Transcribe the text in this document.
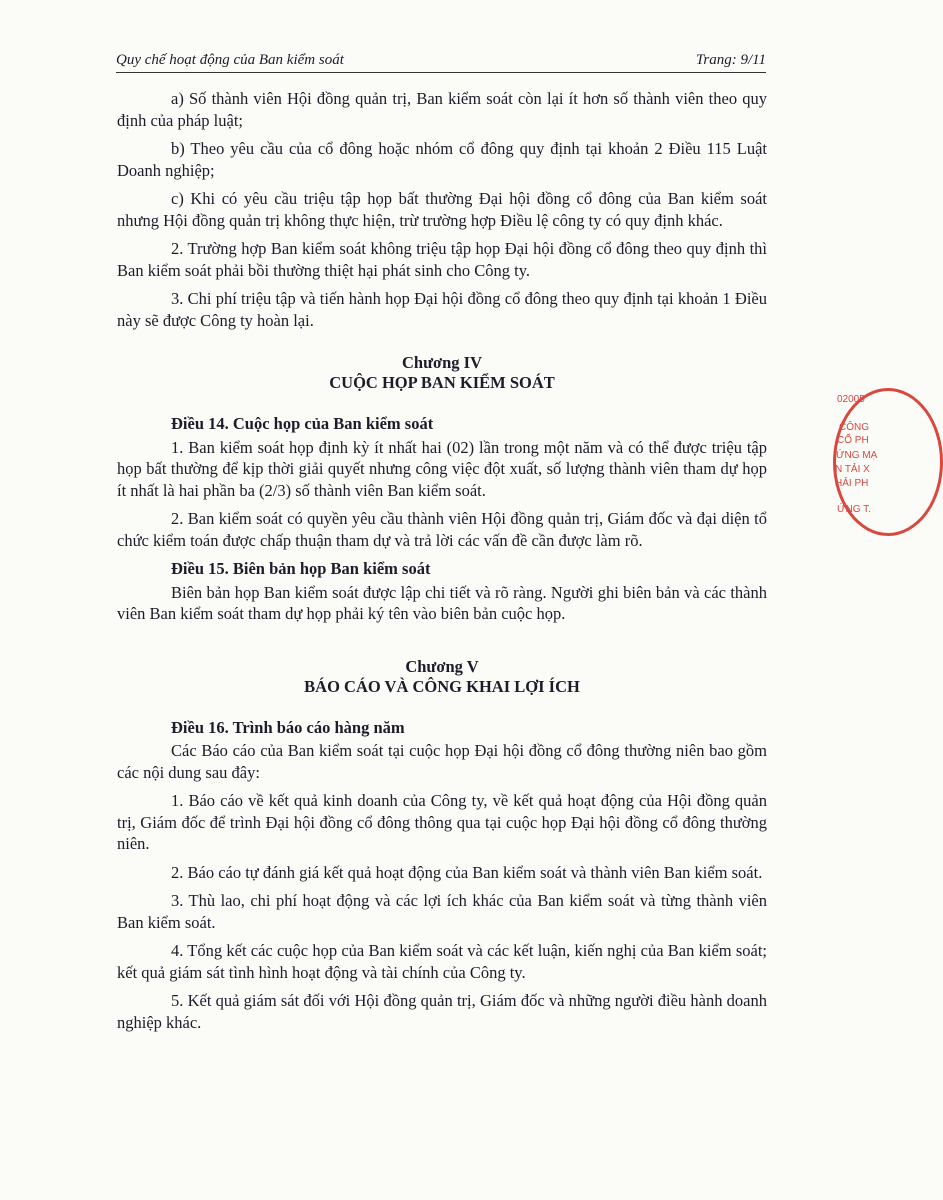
Quy chế hoạt động của Ban kiểm soát	Trang: 9/11

a) Số thành viên Hội đồng quản trị, Ban kiểm soát còn lại ít hơn số thành viên theo quy định của pháp luật;

b) Theo yêu cầu của cổ đông hoặc nhóm cổ đông quy định tại khoản 2 Điều 115 Luật Doanh nghiệp;

c) Khi có yêu cầu triệu tập họp bất thường Đại hội đồng cổ đông của Ban kiểm soát nhưng Hội đồng quản trị không thực hiện, trừ trường hợp Điều lệ công ty có quy định khác.

2. Trường hợp Ban kiểm soát không triệu tập họp Đại hội đồng cổ đông theo quy định thì Ban kiểm soát phải bồi thường thiệt hại phát sinh cho Công ty.

3. Chi phí triệu tập và tiến hành họp Đại hội đồng cổ đông theo quy định tại khoản 1 Điều này sẽ được Công ty hoàn lại.

Chương IV
CUỘC HỌP BAN KIỂM SOÁT

Điều 14. Cuộc họp của Ban kiểm soát

1. Ban kiểm soát họp định kỳ ít nhất hai (02) lần trong một năm và có thể được triệu tập họp bất thường để kịp thời giải quyết nhưng công việc đột xuất, số lượng thành viên tham dự họp ít nhất là hai phần ba (2/3) số thành viên Ban kiểm soát.

2. Ban kiểm soát có quyền yêu cầu thành viên Hội đồng quản trị, Giám đốc và đại diện tổ chức kiểm toán được chấp thuận tham dự và trả lời các vấn đề cần được làm rõ.

Điều 15. Biên bản họp Ban kiểm soát

Biên bản họp Ban kiểm soát được lập chi tiết và rõ ràng. Người ghi biên bản và các thành viên Ban kiểm soát tham dự họp phải ký tên vào biên bản cuộc họp.

Chương V
BÁO CÁO VÀ CÔNG KHAI LỢI ÍCH

Điều 16. Trình báo cáo hàng năm

Các Báo cáo của Ban kiểm soát tại cuộc họp Đại hội đồng cổ đông thường niên bao gồm các nội dung sau đây:

1. Báo cáo về kết quả kinh doanh của Công ty, về kết quả hoạt động của Hội đồng quản trị, Giám đốc để trình Đại hội đồng cổ đông thông qua tại cuộc họp Đại hội đồng cổ đông thường niên.

2. Báo cáo tự đánh giá kết quả hoạt động của Ban kiểm soát và thành viên Ban kiểm soát.

3. Thù lao, chi phí hoạt động và các lợi ích khác của Ban kiểm soát và từng thành viên Ban kiểm soát.

4. Tổng kết các cuộc họp của Ban kiểm soát và các kết luận, kiến nghị của Ban kiểm soát; kết quả giám sát tình hình hoạt động và tài chính của Công ty.

5. Kết quả giám sát đối với Hội đồng quản trị, Giám đốc và những người điều hành doanh nghiệp khác.

02005
CÔNG
CỔ PH
ỨNG MẠ
N TẢI X
HẢI PH
ỨNG T.
